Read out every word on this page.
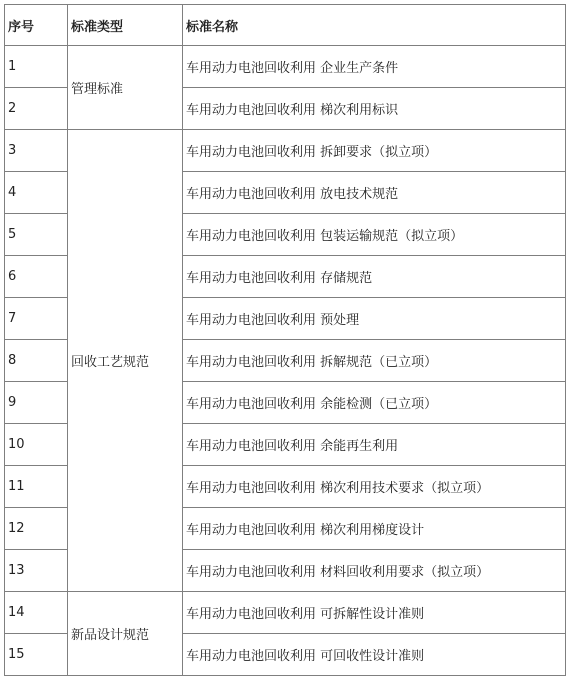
序号	标准类型	标准名称
1	管理标准	车用动力电池回收利用 企业生产条件
2		车用动力电池回收利用 梯次利用标识
3	回收工艺规范	车用动力电池回收利用 拆卸要求（拟立项）
4		车用动力电池回收利用 放电技术规范
5		车用动力电池回收利用 包装运输规范（拟立项）
6		车用动力电池回收利用 存储规范
7		车用动力电池回收利用 预处理
8		车用动力电池回收利用 拆解规范（已立项）
9		车用动力电池回收利用 余能检测（已立项）
10		车用动力电池回收利用 余能再生利用
11		车用动力电池回收利用 梯次利用技术要求（拟立项）
12		车用动力电池回收利用 梯次利用梯度设计
13		车用动力电池回收利用 材料回收利用要求（拟立项）
14	新品设计规范	车用动力电池回收利用 可拆解性设计准则
15		车用动力电池回收利用 可回收性设计准则
